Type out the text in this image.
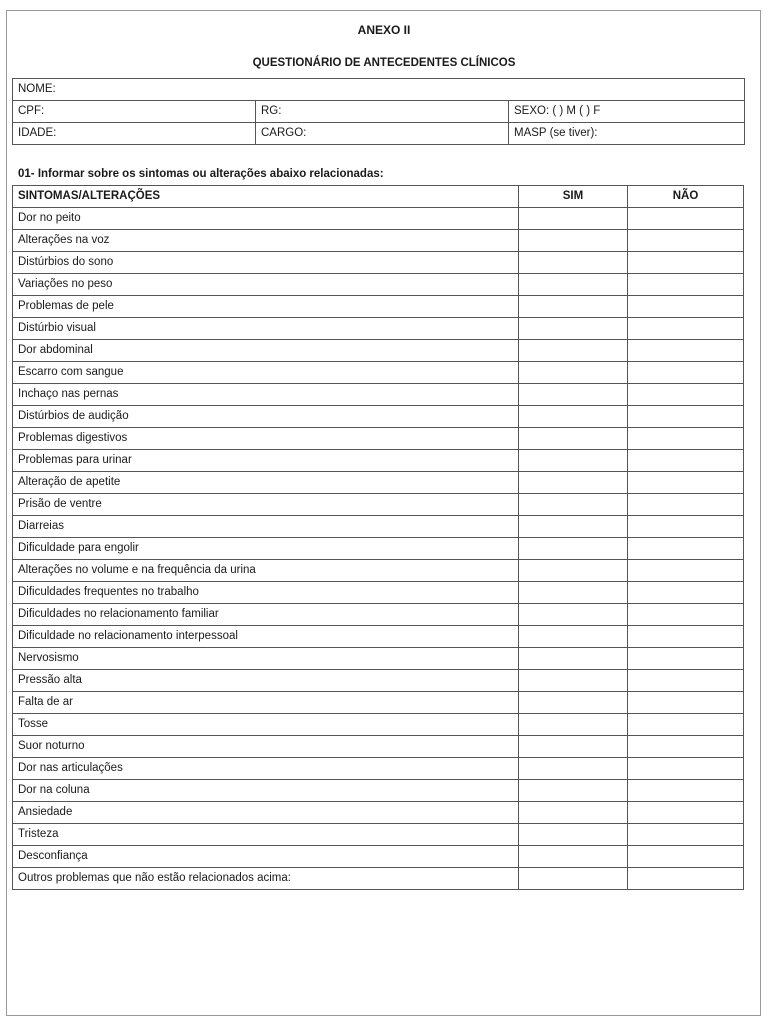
ANEXO II
QUESTIONÁRIO DE ANTECEDENTES CLÍNICOS
NOME:		
CPF:	RG:	SEXO: ( ) M ( ) F
IDADE:	CARGO:	MASP (se tiver):
01- Informar sobre os sintomas ou alterações abaixo relacionadas:
SINTOMAS/ALTERAÇÕES	SIM	NÃO
Dor no peito		
Alterações na voz		
Distúrbios do sono		
Variações no peso		
Problemas de pele		
Distúrbio visual		
Dor abdominal		
Escarro com sangue		
Inchaço nas pernas		
Distúrbios de audição		
Problemas digestivos		
Problemas para urinar		
Alteração de apetite		
Prisão de ventre		
Diarreias		
Dificuldade para engolir		
Alterações no volume e na frequência da urina		
Dificuldades frequentes no trabalho		
Dificuldades no relacionamento familiar		
Dificuldade no relacionamento interpessoal		
Nervosismo		
Pressão alta		
Falta de ar		
Tosse		
Suor noturno		
Dor nas articulações		
Dor na coluna		
Ansiedade		
Tristeza		
Desconfiança		
Outros problemas que não estão relacionados acima:		
